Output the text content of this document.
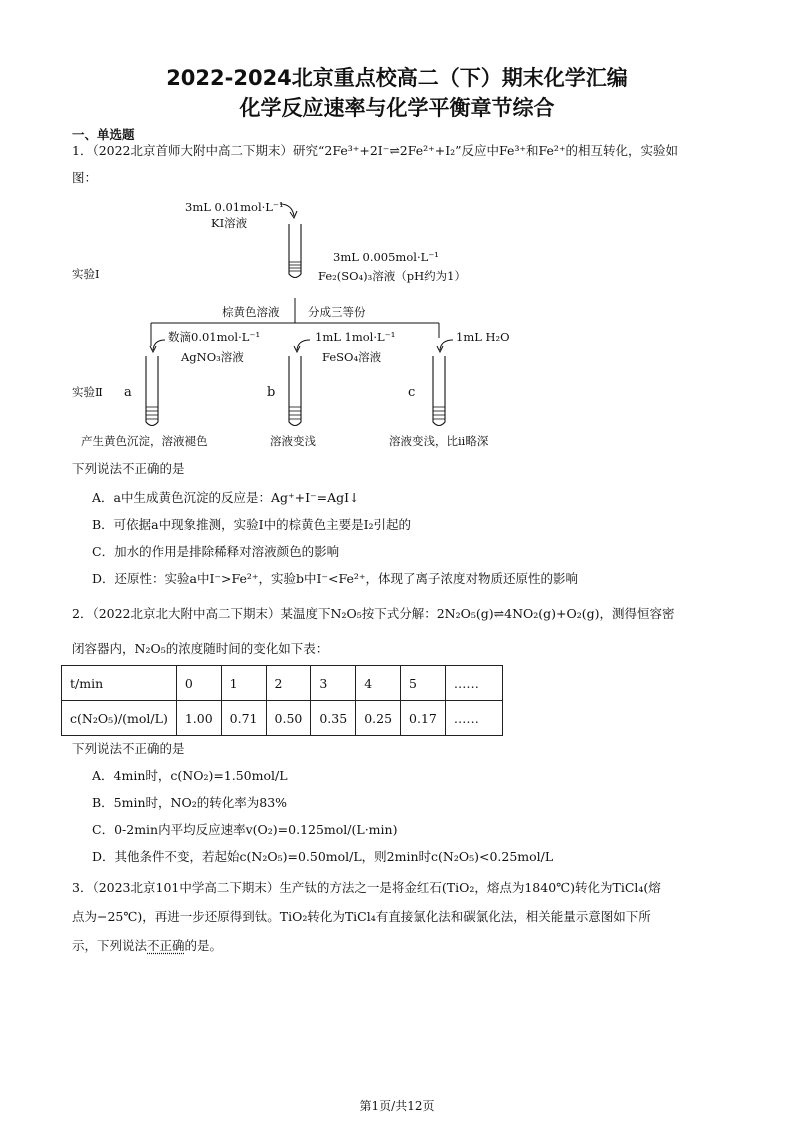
2022-2024北京重点校高二（下）期末化学汇编
化学反应速率与化学平衡章节综合
一、单选题
1．（2022北京首师大附中高二下期末）研究“2Fe³⁺+2I⁻⇌2Fe²⁺+I₂”反应中Fe³⁺和Fe²⁺的相互转化，实验如
图：
3mL 0.01mol·L⁻¹
KI溶液
3mL 0.005mol·L⁻¹
Fe₂(SO₄)₃溶液（pH约为1）
实验Ⅰ
棕黄色溶液 分成三等份
数滴0.01mol·L⁻¹
AgNO₃溶液
a
1mL 1mol·L⁻¹
FeSO₄溶液
b
1mL H₂O
c
实验Ⅱ
产生黄色沉淀，溶液褪色	溶液变浅	溶液变浅，比ii略深
下列说法不正确的是
A．a中生成黄色沉淀的反应是：Ag⁺+I⁻=AgI↓
B．可依据a中现象推测，实验Ⅰ中的棕黄色主要是I₂引起的
C．加水的作用是排除稀释对溶液颜色的影响
D．还原性：实验a中I⁻>Fe²⁺，实验b中I⁻<Fe²⁺，体现了离子浓度对物质还原性的影响
2．（2022北京北大附中高二下期末）某温度下N₂O₅按下式分解：2N₂O₅(g)⇌4NO₂(g)+O₂(g)，测得恒容密
闭容器内，N₂O₅的浓度随时间的变化如下表：
t/min	0	1	2	3	4	5	……
c(N₂O₅)/(mol/L)	1.00	0.71	0.50	0.35	0.25	0.17	……
下列说法不正确的是
A．4min时，c(NO₂)=1.50mol/L
B．5min时，NO₂的转化率为83%
C．0-2min内平均反应速率v(O₂)=0.125mol/(L·min)
D．其他条件不变，若起始c(N₂O₅)=0.50mol/L，则2min时c(N₂O₅)<0.25mol/L
3．（2023北京101中学高二下期末）生产钛的方法之一是将金红石(TiO₂，熔点为1840℃)转化为TiCl₄(熔
点为−25℃)，再进一步还原得到钛。TiO₂转化为TiCl₄有直接氯化法和碳氯化法，相关能量示意图如下所
示，下列说法不正确的是。
第1页/共12页
